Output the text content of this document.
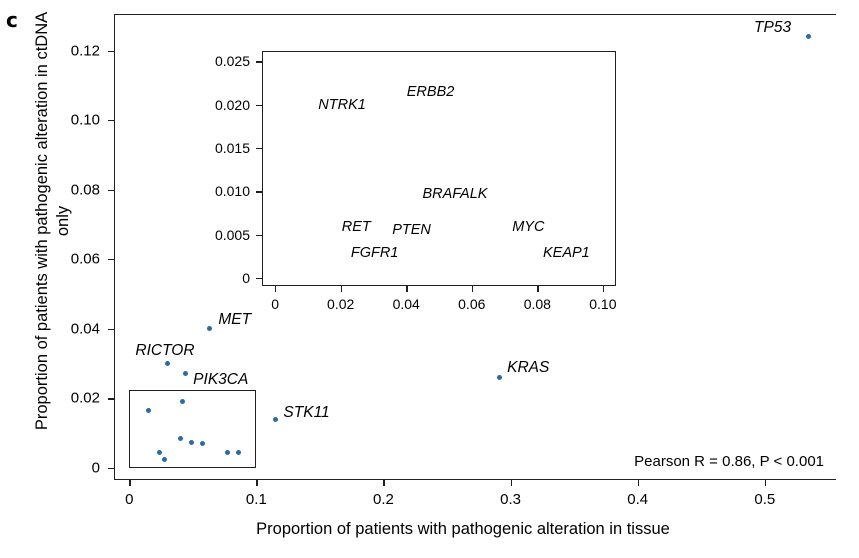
c Proportion of patients with pathogenic alteration in ctDNA only
Proportion of patients with pathogenic alteration in tissue
0	0.1	0.2	0.3	0.4	0.5
0
0.02
0.04
0.06
0.08
0.10
0.12
TP53
KRAS
MET
RICTOR
PIK3CA
STK11
0	0.02	0.04	0.06	0.08	0.10
0
0.005
0.010
0.015
0.020
0.025
ERBB2
NTRK1
BRAFALK
RET PTEN	MYC
FGFR1	KEAP1
Pearson R = 0.86, P < 0.001
